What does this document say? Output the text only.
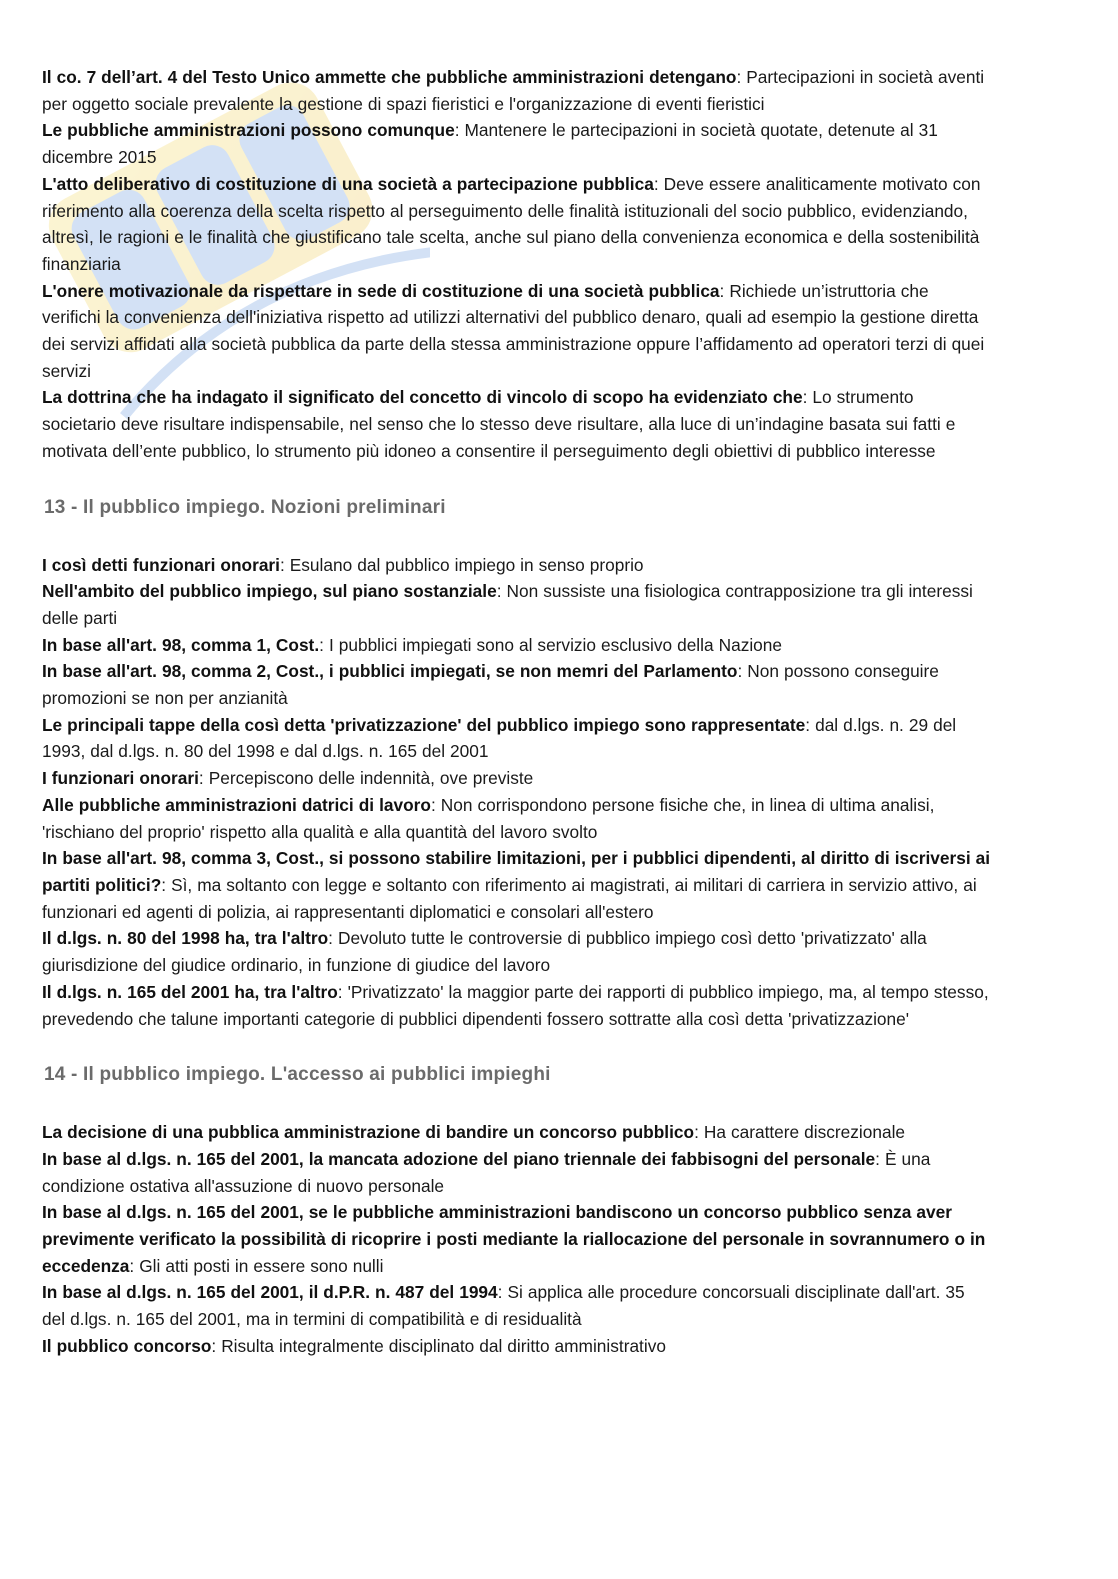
Il co. 7 dell’art. 4 del Testo Unico ammette che pubbliche amministrazioni detengano: Partecipazioni in società aventi per oggetto sociale prevalente la gestione di spazi fieristici e l'organizzazione di eventi fieristici

Le pubbliche amministrazioni possono comunque: Mantenere le partecipazioni in società quotate, detenute al 31 dicembre 2015

L'atto deliberativo di costituzione di una società a partecipazione pubblica: Deve essere analiticamente motivato con riferimento alla coerenza della scelta rispetto al perseguimento delle finalità istituzionali del socio pubblico, evidenziando, altresì, le ragioni e le finalità che giustificano tale scelta, anche sul piano della convenienza economica e della sostenibilità finanziaria

L'onere motivazionale da rispettare in sede di costituzione di una società pubblica: Richiede un’istruttoria che verifichi la convenienza dell'iniziativa rispetto ad utilizzi alternativi del pubblico denaro, quali ad esempio la gestione diretta dei servizi affidati alla società pubblica da parte della stessa amministrazione oppure l’affidamento ad operatori terzi di quei servizi

La dottrina che ha indagato il significato del concetto di vincolo di scopo ha evidenziato che: Lo strumento societario deve risultare indispensabile, nel senso che lo stesso deve risultare, alla luce di un’indagine basata sui fatti e motivata dell’ente pubblico, lo strumento più idoneo a consentire il perseguimento degli obiettivi di pubblico interesse

13 - Il pubblico impiego. Nozioni preliminari

I così detti funzionari onorari: Esulano dal pubblico impiego in senso proprio

Nell'ambito del pubblico impiego, sul piano sostanziale: Non sussiste una fisiologica contrapposizione tra gli interessi delle parti

In base all'art. 98, comma 1, Cost.: I pubblici impiegati sono al servizio esclusivo della Nazione

In base all'art. 98, comma 2, Cost., i pubblici impiegati, se non memri del Parlamento: Non possono conseguire promozioni se non per anzianità

Le principali tappe della così detta 'privatizzazione' del pubblico impiego sono rappresentate: dal d.lgs. n. 29 del 1993, dal d.lgs. n. 80 del 1998 e dal d.lgs. n. 165 del 2001

I funzionari onorari: Percepiscono delle indennità, ove previste

Alle pubbliche amministrazioni datrici di lavoro: Non corrispondono persone fisiche che, in linea di ultima analisi, 'rischiano del proprio' rispetto alla qualità e alla quantità del lavoro svolto

In base all'art. 98, comma 3, Cost., si possono stabilire limitazioni, per i pubblici dipendenti, al diritto di iscriversi ai partiti politici?: Sì, ma soltanto con legge e soltanto con riferimento ai magistrati, ai militari di carriera in servizio attivo, ai funzionari ed agenti di polizia, ai rappresentanti diplomatici e consolari all'estero

Il d.lgs. n. 80 del 1998 ha, tra l'altro: Devoluto tutte le controversie di pubblico impiego così detto 'privatizzato' alla giurisdizione del giudice ordinario, in funzione di giudice del lavoro

Il d.lgs. n. 165 del 2001 ha, tra l'altro: 'Privatizzato' la maggior parte dei rapporti di pubblico impiego, ma, al tempo stesso, prevedendo che talune importanti categorie di pubblici dipendenti fossero sottratte alla così detta 'privatizzazione'

14 - Il pubblico impiego. L'accesso ai pubblici impieghi

La decisione di una pubblica amministrazione di bandire un concorso pubblico: Ha carattere discrezionale

In base al d.lgs. n. 165 del 2001, la mancata adozione del piano triennale dei fabbisogni del personale: È una condizione ostativa all'assuzione di nuovo personale

In base al d.lgs. n. 165 del 2001, se le pubbliche amministrazioni bandiscono un concorso pubblico senza aver previmente verificato la possibilità di ricoprire i posti mediante la riallocazione del personale in sovrannumero o in eccedenza: Gli atti posti in essere sono nulli

In base al d.lgs. n. 165 del 2001, il d.P.R. n. 487 del 1994: Si applica alle procedure concorsuali disciplinate dall'art. 35 del d.lgs. n. 165 del 2001, ma in termini di compatibilità e di residualità

Il pubblico concorso: Risulta integralmente disciplinato dal diritto amministrativo
